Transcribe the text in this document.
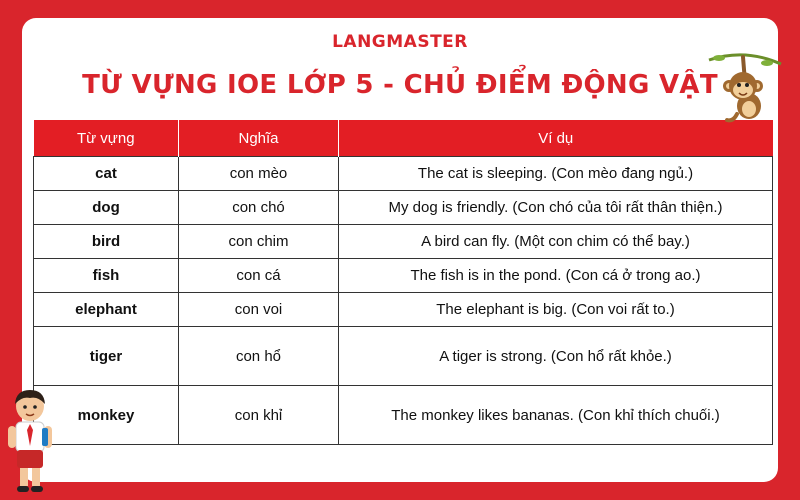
LANGMASTER
TỪ VỰNG IOE LỚP 5 - CHỦ ĐIỂM ĐỘNG VẬT
Từ vựng	Nghĩa	Ví dụ
cat	con mèo	The cat is sleeping. (Con mèo đang ngủ.)
dog	con chó	My dog is friendly. (Con chó của tôi rất thân thiện.)
bird	con chim	A bird can fly. (Một con chim có thể bay.)
fish	con cá	The fish is in the pond. (Con cá ở trong ao.)
elephant	con voi	The elephant is big. (Con voi rất to.)
tiger	con hổ	A tiger is strong. (Con hổ rất khỏe.)
monkey	con khỉ	The monkey likes bananas. (Con khỉ thích chuối.)
